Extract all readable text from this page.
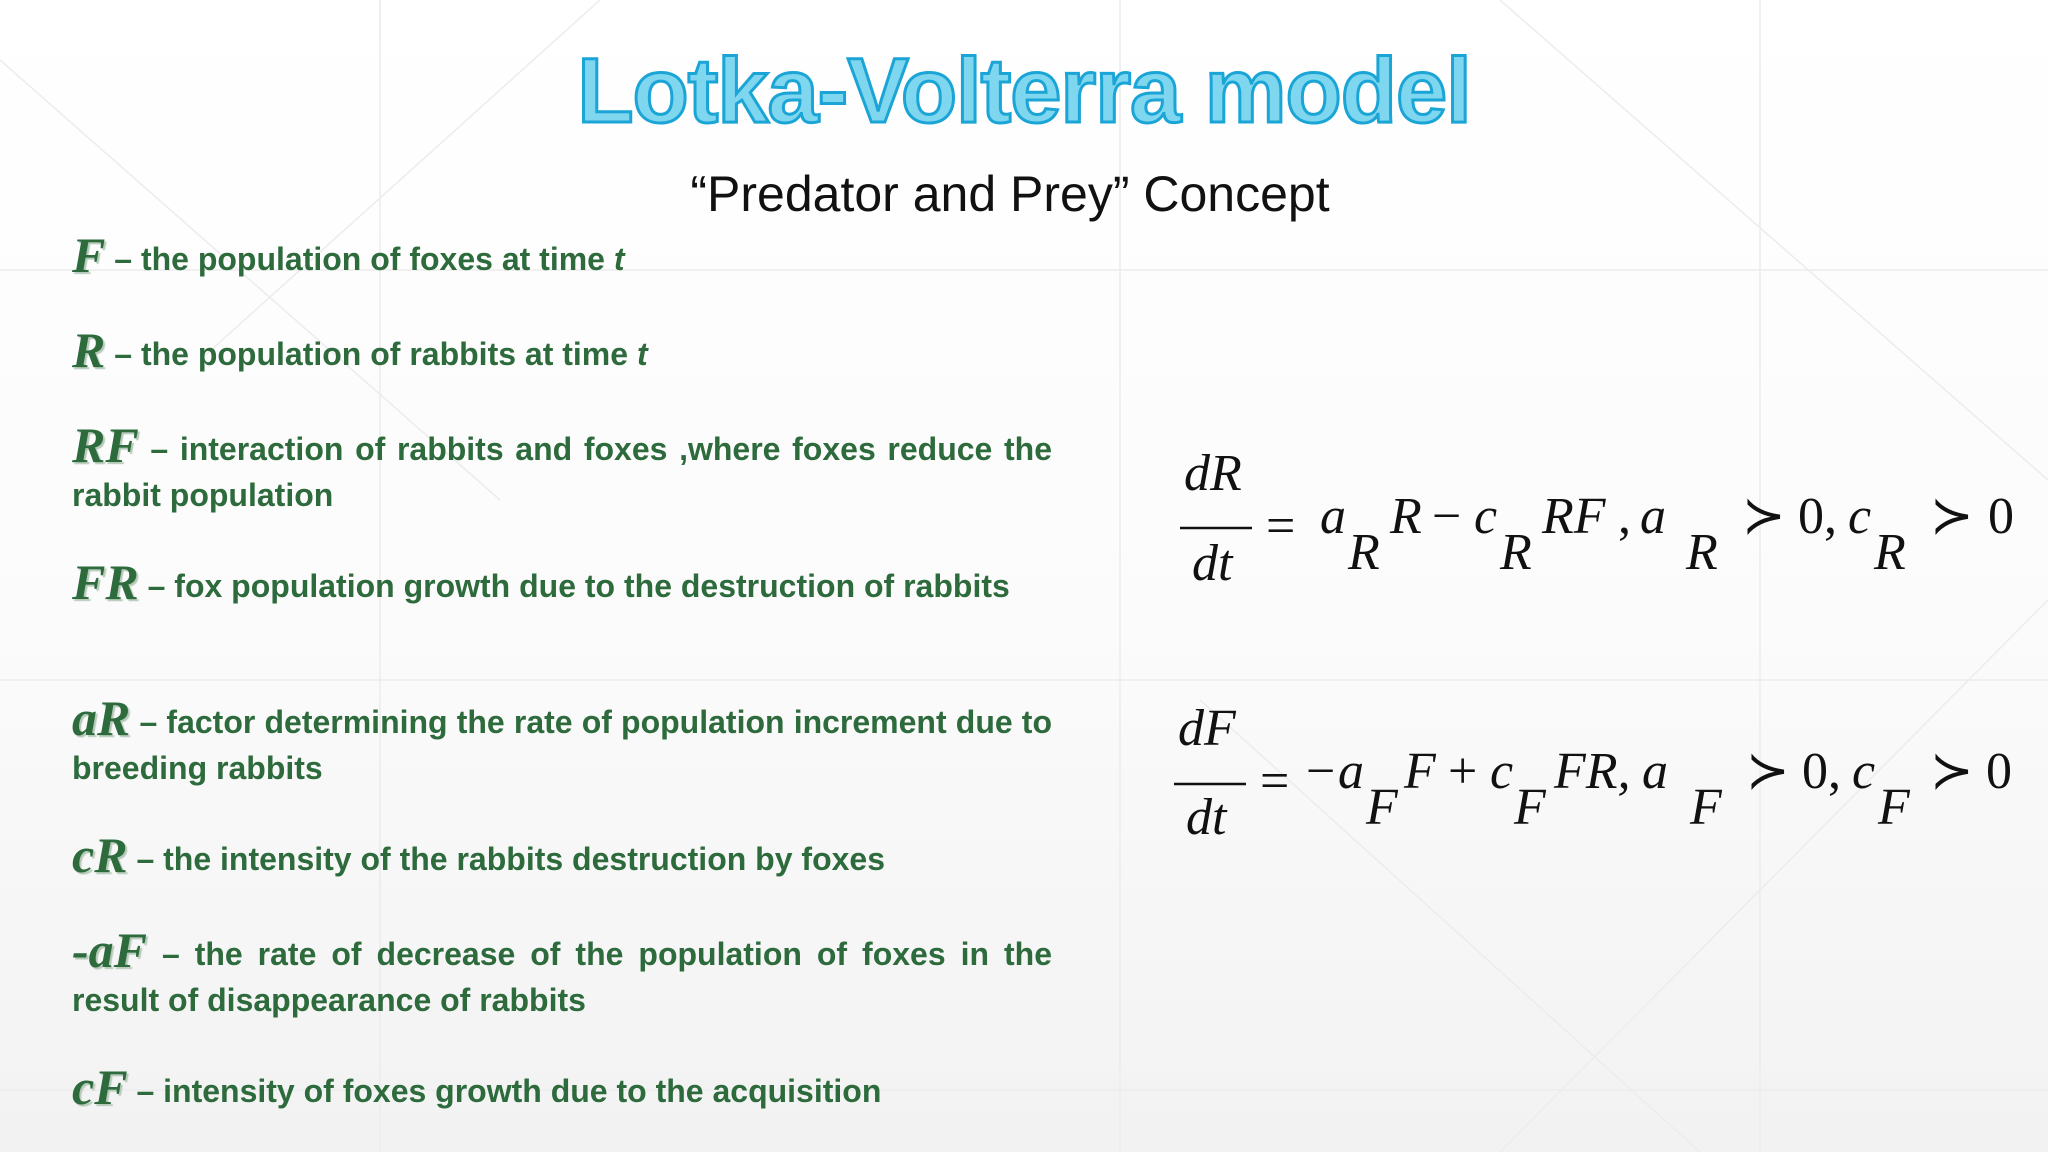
Lotka-Volterra model
“Predator and Prey” Concept
F – the population of foxes at time t
R – the population of rabbits at time t
RF – interaction of rabbits and foxes ,where foxes reduce the rabbit population
FR – fox population growth due to the destruction of rabbits
aR – factor determining the rate of population increment due to breeding rabbits
cR – the intensity of the rabbits destruction by foxes
-aF – the rate of decrease of the population of foxes in the result of disappearance of rabbits
cF – intensity of foxes growth due to the acquisition
dR
dt
= a
R
R − c
R
RF , a
R
≻ 0, c
R
≻ 0
dF
dt
= − a
F
F + c
F
FR, a
F
≻ 0, c
F
≻ 0
